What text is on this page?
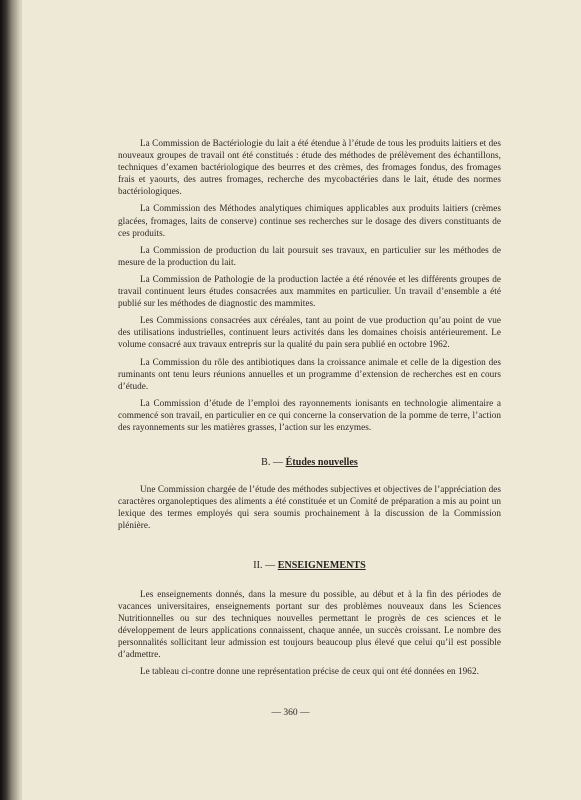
La Commission de Bactériologie du lait a été étendue à l’étude de tous les produits laitiers et des nouveaux groupes de travail ont été constitués : étude des méthodes de prélèvement des échantillons, techniques d’examen bactériologique des beurres et des crèmes, des fromages fondus, des fromages frais et yaourts, des autres fromages, recherche des mycobactéries dans le lait, étude des normes bactériologiques.

La Commission des Méthodes analytiques chimiques applicables aux produits laitiers (crèmes glacées, fromages, laits de conserve) continue ses recherches sur le dosage des divers constituants de ces produits.

La Commission de production du lait poursuit ses travaux, en particulier sur les méthodes de mesure de la production du lait.

La Commission de Pathologie de la production lactée a été rénovée et les différents groupes de travail continuent leurs études consacrées aux mammites en particulier. Un travail d’ensemble a été publié sur les méthodes de diagnostic des mammites.

Les Commissions consacrées aux céréales, tant au point de vue production qu’au point de vue des utilisations industrielles, continuent leurs activités dans les domaines choisis antérieurement. Le volume consacré aux travaux entrepris sur la qualité du pain sera publié en octobre 1962.

La Commission du rôle des antibiotiques dans la croissance animale et celle de la digestion des ruminants ont tenu leurs réunions annuelles et un programme d’extension de recherches est en cours d’étude.

La Commission d’étude de l’emploi des rayonnements ionisants en technologie alimentaire a commencé son travail, en particulier en ce qui concerne la conservation de la pomme de terre, l’action des rayonnements sur les matières grasses, l’action sur les enzymes.

B. — Études nouvelles

Une Commission chargée de l’étude des méthodes subjectives et objectives de l’appréciation des caractères organoleptiques des aliments a été constituée et un Comité de préparation a mis au point un lexique des termes employés qui sera soumis prochainement à la discussion de la Commission plénière.

II. — ENSEIGNEMENTS

Les enseignements donnés, dans la mesure du possible, au début et à la fin des périodes de vacances universitaires, enseignements portant sur des problèmes nouveaux dans les Sciences Nutritionnelles ou sur des techniques nouvelles permettant le progrès de ces sciences et le développement de leurs applications connaissent, chaque année, un succès croissant. Le nombre des personnalités sollicitant leur admission est toujours beaucoup plus élevé que celui qu’il est possible d’admettre.

Le tableau ci-contre donne une représentation précise de ceux qui ont été données en 1962.

— 360 —
